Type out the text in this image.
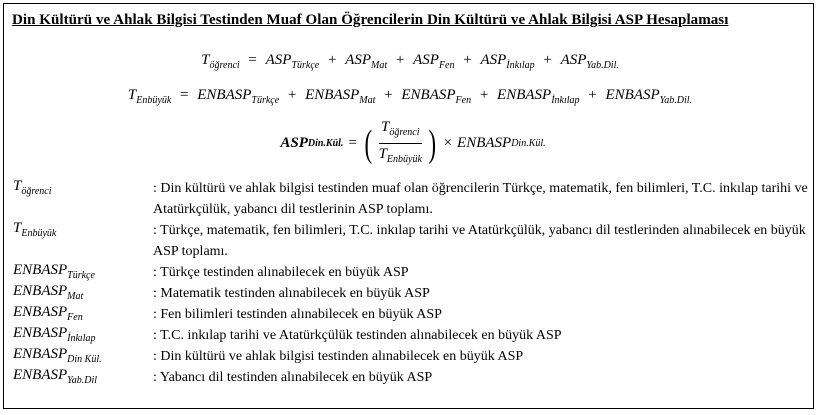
Din Kültürü ve Ahlak Bilgisi Testinden Muaf Olan Öğrencilerin Din Kültürü ve Ahlak Bilgisi ASP Hesaplaması
$T_{öğrenci} = ASP_{Türkçe} + ASP_{Mat} + ASP_{Fen} + ASP_{İnkılap} + ASP_{Yab.Dil.}$
$T_{Enbüyük}$ = $ENBASP_{Türkçe}$ + $ENBASP_{Mat}$ + $ENBASP_{Fen}$ + $ENBASP_{İnkılap}$ + $ENBASP_{Yab.Dil.}$
ASP Din.Kül. = ( $\frac{T_{öğrenci}}{T_{Enbüyük}}$ ) × ENBASP Din.Kül.
$T_{öğrenci}$	: Din kültürü ve ahlak bilgisi testinden muaf olan öğrencilerin Türkçe, matematik, fen bilimleri, T.C. inkılap tarihi ve Atatürkçülük, yabancı dil testlerinin ASP toplamı.
$T_{Enbüyük}$	: Türkçe, matematik, fen bilimleri, T.C. inkılap tarihi ve Atatürkçülük, yabancı dil testlerinden alınabilecek en büyük ASP toplamı.
$ENBASP_{Türkçe}$	: Türkçe testinden alınabilecek en büyük ASP
$ENBASP_{Mat}$	: Matematik testinden alınabilecek en büyük ASP
$ENBASP_{Fen}$	: Fen bilimleri testinden alınabilecek en büyük ASP
$ENBASP_{İnkılap}$	: T.C. inkılap tarihi ve Atatürkçülük testinden alınabilecek en büyük ASP
$ENBASP_{Din Kül.}$	: Din kültürü ve ahlak bilgisi testinden alınabilecek en büyük ASP
$ENBASP_{Yab.Dil}$	: Yabancı dil testinden alınabilecek en büyük ASP
